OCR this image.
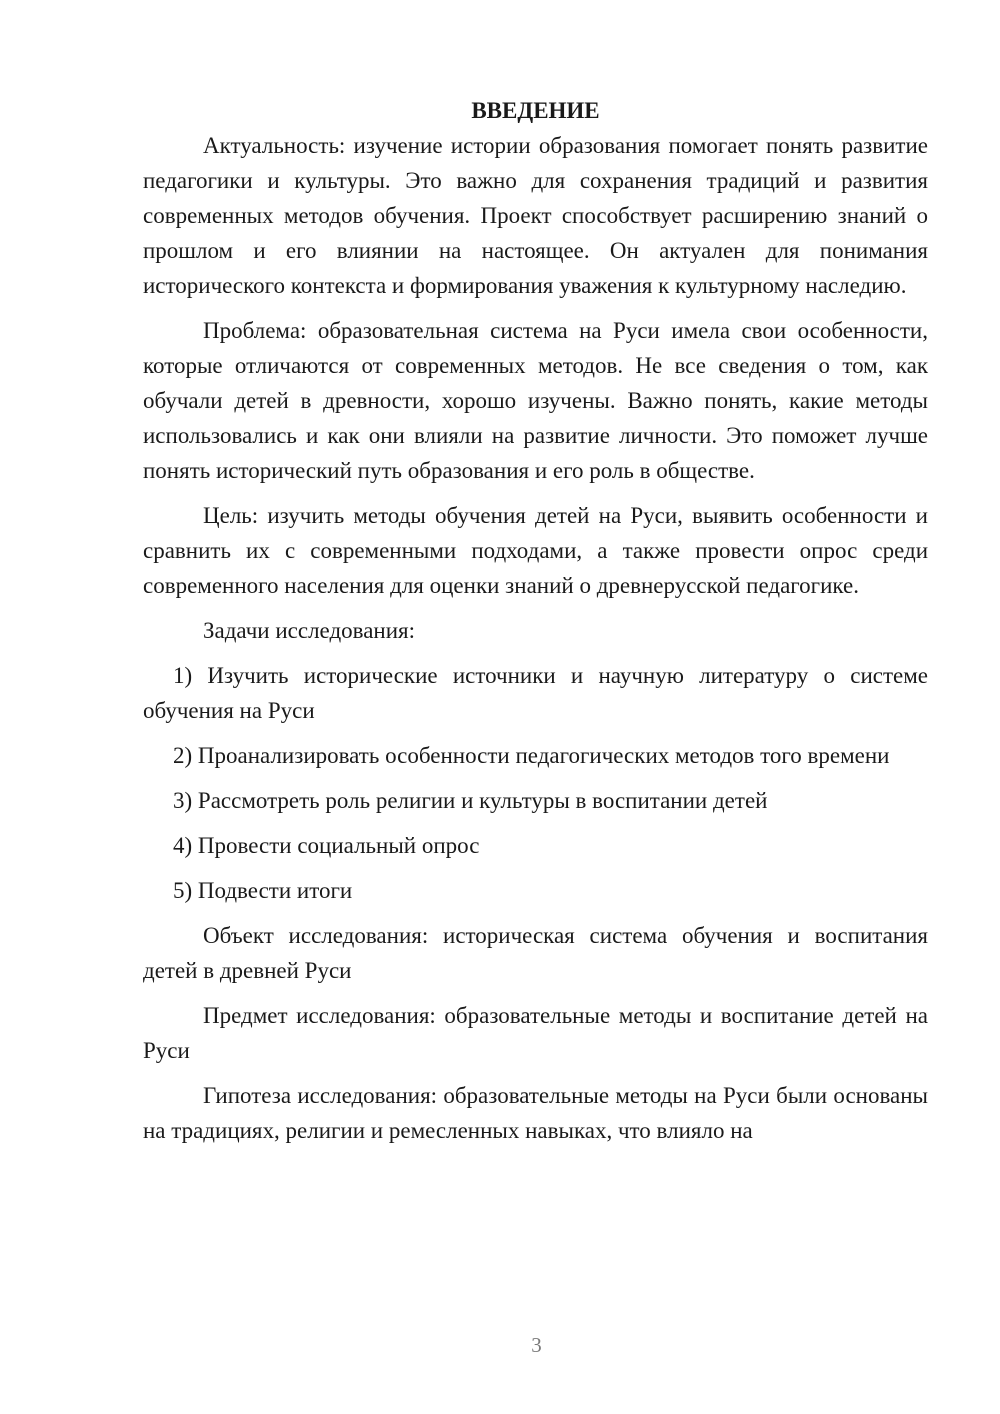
ВВЕДЕНИЕ

Актуальность: изучение истории образования помогает понять развитие педагогики и культуры. Это важно для сохранения традиций и развития современных методов обучения. Проект способствует расширению знаний о прошлом и его влиянии на настоящее. Он актуален для понимания исторического контекста и формирования уважения к культурному наследию.

Проблема: образовательная система на Руси имела свои особенности, которые отличаются от современных методов. Не все сведения о том, как обучали детей в древности, хорошо изучены. Важно понять, какие методы использовались и как они влияли на развитие личности. Это поможет лучше понять исторический путь образования и его роль в обществе.

Цель: изучить методы обучения детей на Руси, выявить особенности и сравнить их с современными подходами, а также провести опрос среди современного населения для оценки знаний о древнерусской педагогике.

Задачи исследования:

1) Изучить исторические источники и научную литературу о системе обучения на Руси

2) Проанализировать особенности педагогических методов того времени

3) Рассмотреть роль религии и культуры в воспитании детей

4) Провести социальный опрос

5) Подвести итоги

Объект исследования: историческая система обучения и воспитания детей в древней Руси

Предмет исследования: образовательные методы и воспитание детей на Руси

Гипотеза исследования: образовательные методы на Руси были основаны на традициях, религии и ремесленных навыках, что влияло на

3
